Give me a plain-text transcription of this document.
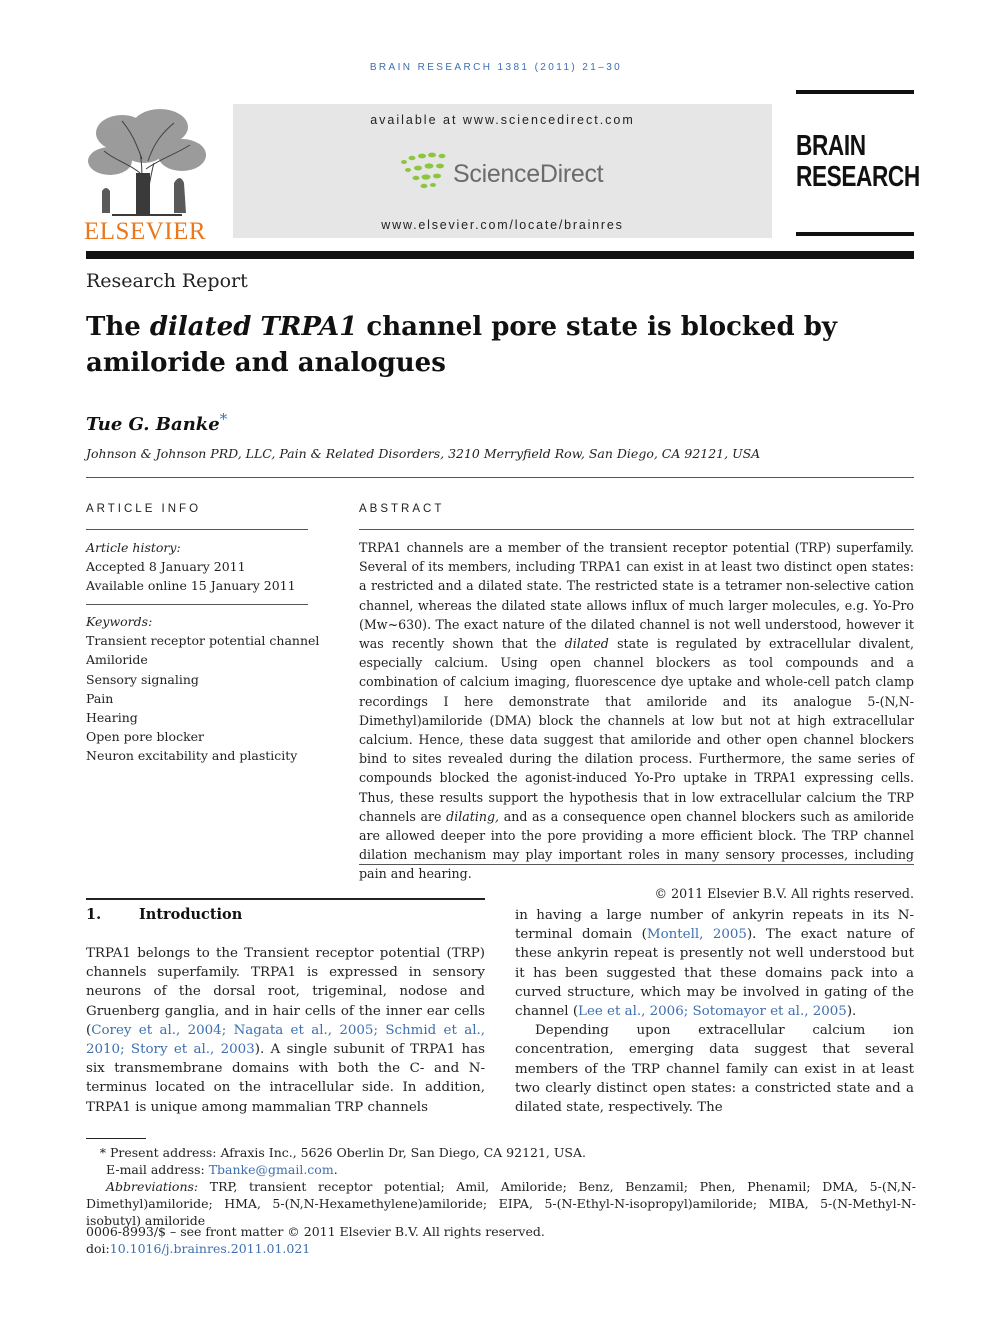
BRAIN RESEARCH 1381 (2011) 21–30
ELSEVIER
available at www.sciencedirect.com
ScienceDirect
www.elsevier.com/locate/brainres
BRAIN
RESEARCH
Research Report
The dilated TRPA1 channel pore state is blocked by amiloride and analogues
Tue G. Banke*
Johnson & Johnson PRD, LLC, Pain & Related Disorders, 3210 Merryfield Row, San Diego, CA 92121, USA
ARTICLE INFO
Article history:
Accepted 8 January 2011
Available online 15 January 2011
Keywords:
Transient receptor potential channel
Amiloride
Sensory signaling
Pain
Hearing
Open pore blocker
Neuron excitability and plasticity
ABSTRACT

TRPA1 channels are a member of the transient receptor potential (TRP) superfamily. Several of its members, including TRPA1 can exist in at least two distinct open states: a restricted and a dilated state. The restricted state is a tetramer non-selective cation channel, whereas the dilated state allows influx of much larger molecules, e.g. Yo-Pro (Mw~630). The exact nature of the dilated channel is not well understood, however it was recently shown that the dilated state is regulated by extracellular divalent, especially calcium. Using open channel blockers as tool compounds and a combination of calcium imaging, fluorescence dye uptake and whole-cell patch clamp recordings I here demonstrate that amiloride and its analogue 5-(N,N-Dimethyl)amiloride (DMA) block the channels at low but not at high extracellular calcium. Hence, these data suggest that amiloride and other open channel blockers bind to sites revealed during the dilation process. Furthermore, the same series of compounds blocked the agonist-induced Yo-Pro uptake in TRPA1 expressing cells. Thus, these results support the hypothesis that in low extracellular calcium the TRP channels are dilating, and as a consequence open channel blockers such as amiloride are allowed deeper into the pore providing a more efficient block. The TRP channel dilation mechanism may play important roles in many sensory processes, including pain and hearing.

© 2011 Elsevier B.V. All rights reserved.

1.	Introduction

TRPA1 belongs to the Transient receptor potential (TRP) channels superfamily. TRPA1 is expressed in sensory neurons of the dorsal root, trigeminal, nodose and Gruenberg ganglia, and in hair cells of the inner ear cells (Corey et al., 2004; Nagata et al., 2005; Schmid et al., 2010; Story et al., 2003). A single subunit of TRPA1 has six transmembrane domains with both the C- and N-terminus located on the intracellular side. In addition, TRPA1 is unique among mammalian TRP channels

in having a large number of ankyrin repeats in its N-terminal domain (Montell, 2005). The exact nature of these ankyrin repeat is presently not well understood but it has been suggested that these domains pack into a curved structure, which may be involved in gating of the channel (Lee et al., 2006; Sotomayor et al., 2005).

Depending upon extracellular calcium ion concentration, emerging data suggest that several members of the TRP channel family can exist in at least two clearly distinct open states: a constricted state and a dilated state, respectively. The

* Present address: Afraxis Inc., 5626 Oberlin Dr, San Diego, CA 92121, USA.
E-mail address: Tbanke@gmail.com.
Abbreviations: TRP, transient receptor potential; Amil, Amiloride; Benz, Benzamil; Phen, Phenamil; DMA, 5-(N,N-Dimethyl)amiloride; HMA, 5-(N,N-Hexamethylene)amiloride; EIPA, 5-(N-Ethyl-N-isopropyl)amiloride; MIBA, 5-(N-Methyl-N-isobutyl) amiloride
0006-8993/$ – see front matter © 2011 Elsevier B.V. All rights reserved.
doi:10.1016/j.brainres.2011.01.021
